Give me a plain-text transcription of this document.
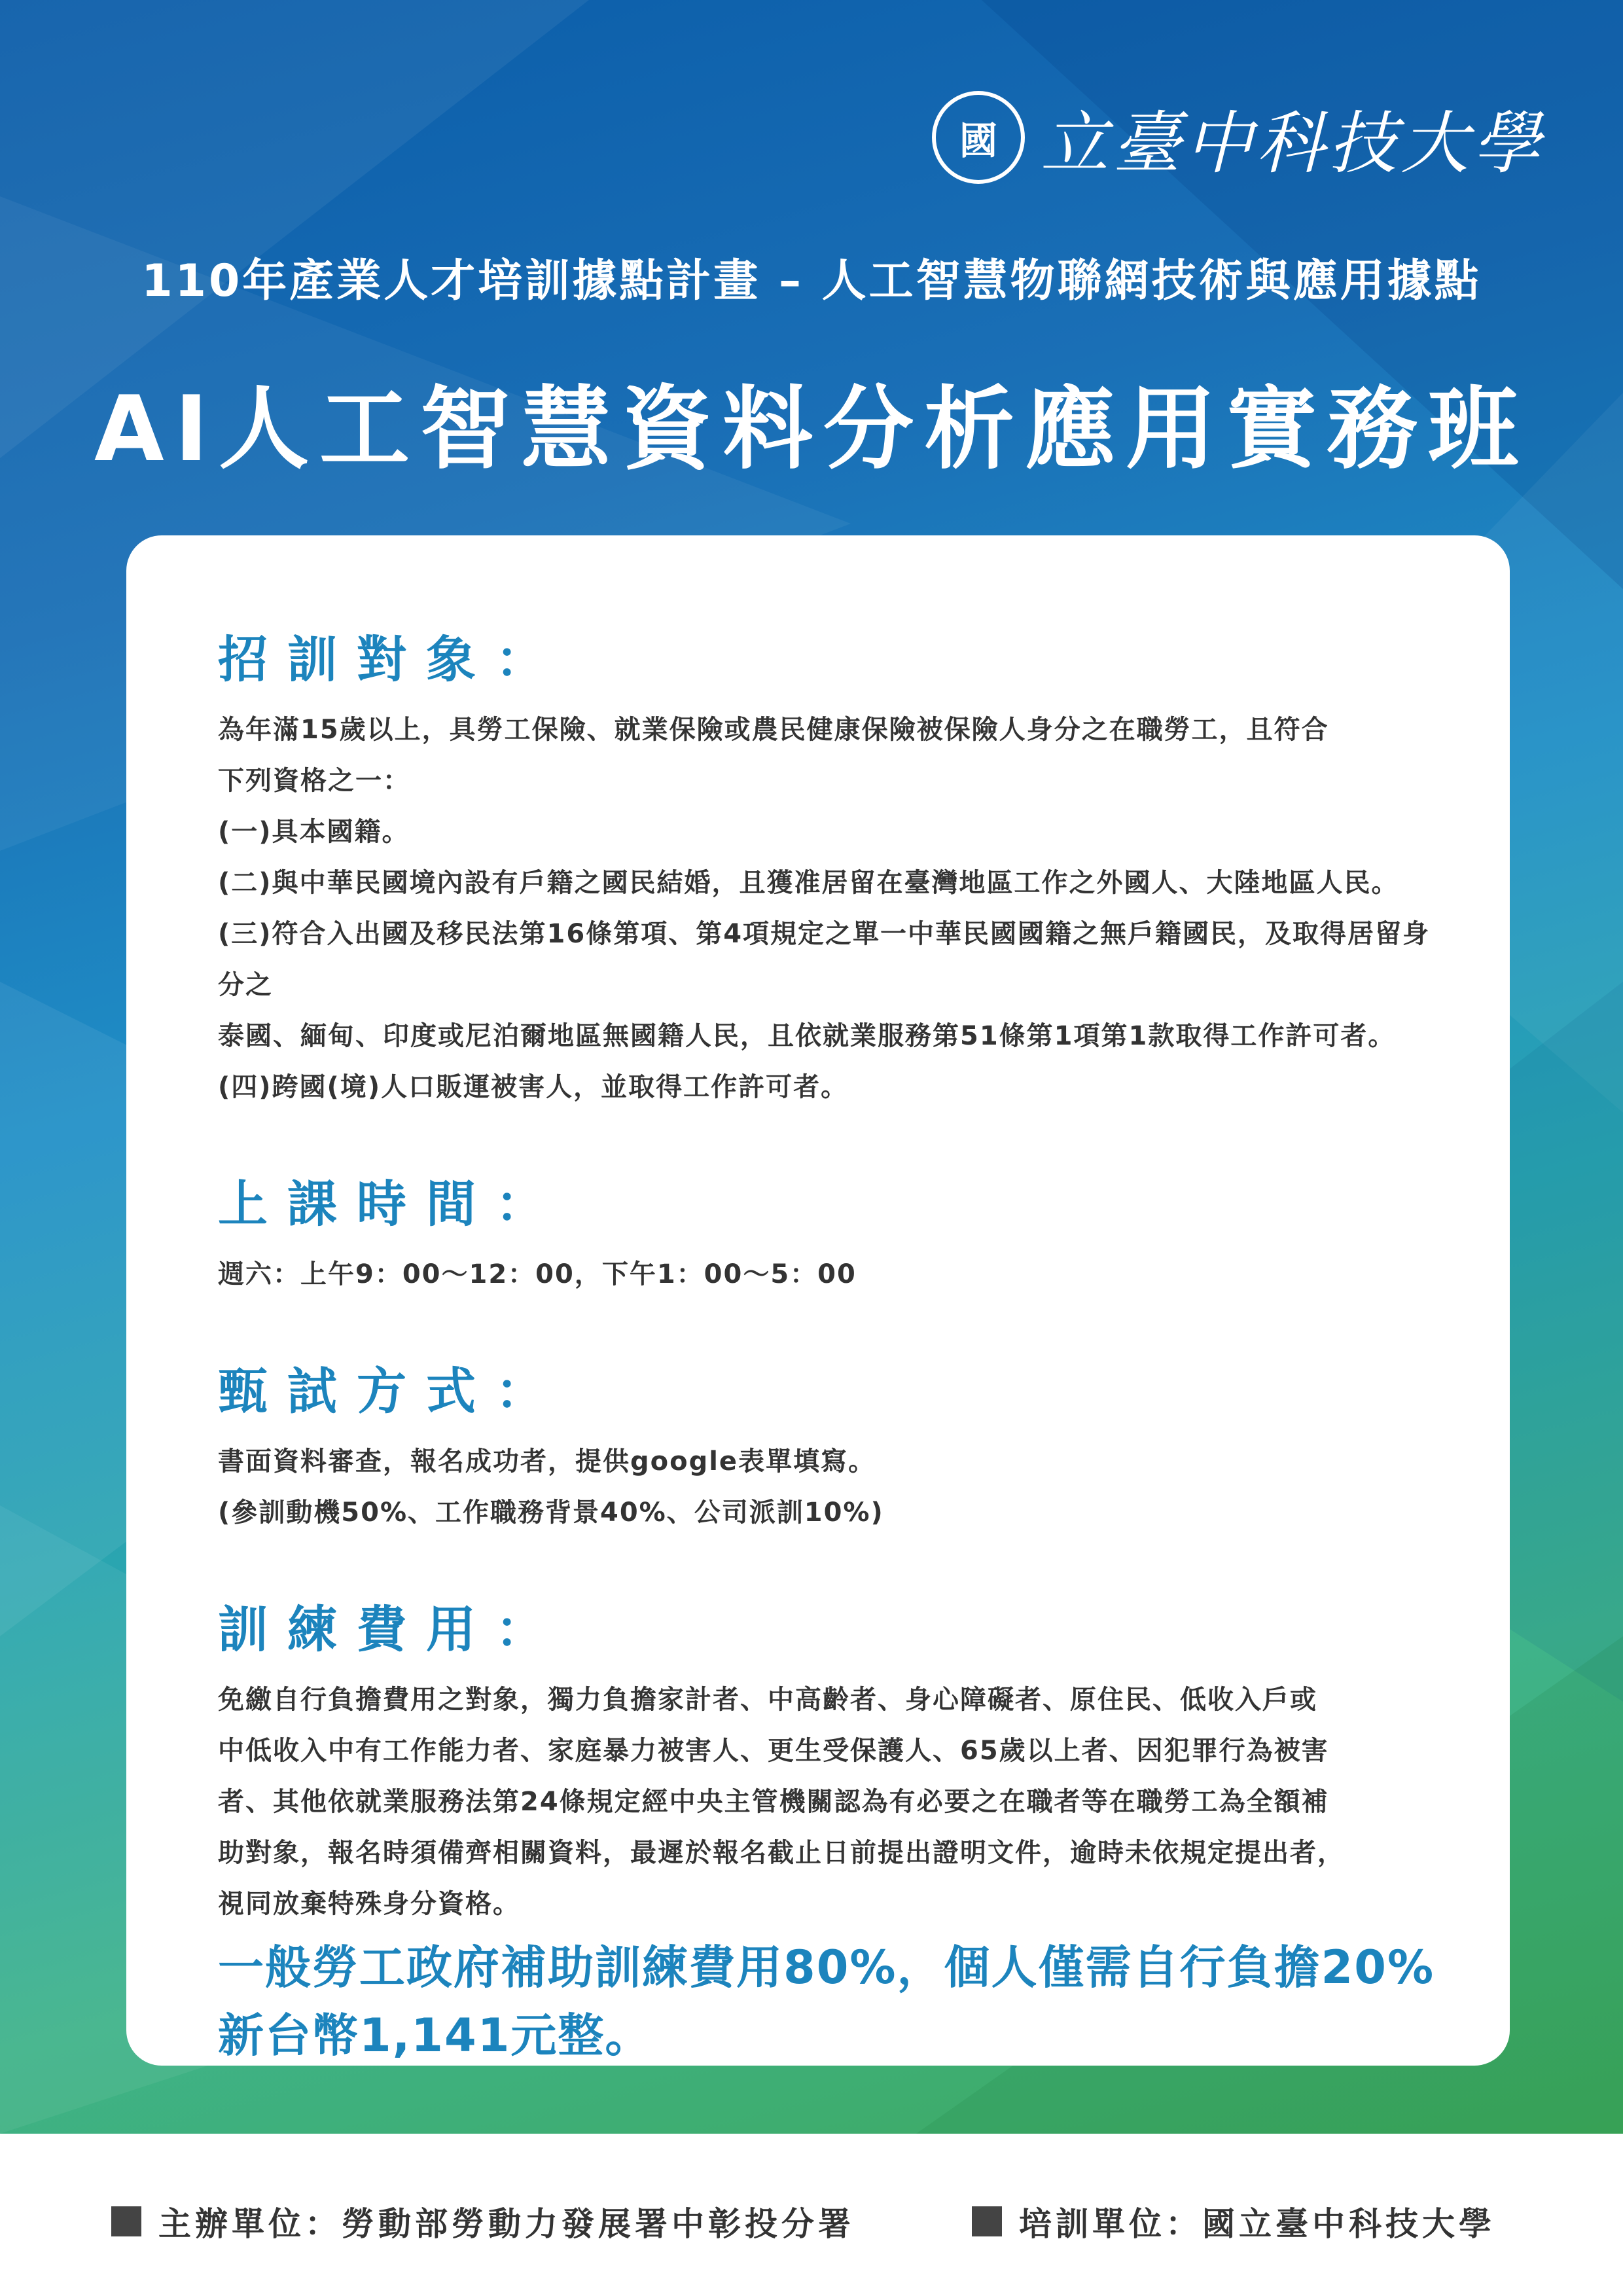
國 立臺中科技大學
110年產業人才培訓據點計畫 – 人工智慧物聯網技術與應用據點
AI人工智慧資料分析應用實務班
招訓對象：

為年滿15歲以上，具勞工保險、就業保險或農民健康保險被保險人身分之在職勞工，且符合

下列資格之一：

(一)具本國籍。

(二)與中華民國境內設有戶籍之國民結婚，且獲准居留在臺灣地區工作之外國人、大陸地區人民。

(三)符合入出國及移民法第16條第項、第4項規定之單一中華民國國籍之無戶籍國民，及取得居留身分之

泰國、緬甸、印度或尼泊爾地區無國籍人民，且依就業服務第51條第1項第1款取得工作許可者。

(四)跨國(境)人口販運被害人，並取得工作許可者。

上課時間：

週六：上午9：00～12：00，下午1：00～5：00

甄試方式：

書面資料審查，報名成功者，提供google表單填寫。

(參訓動機50%、工作職務背景40%、公司派訓10%)

訓練費用：

免繳自行負擔費用之對象，獨力負擔家計者、中高齡者、身心障礙者、原住民、低收入戶或

中低收入中有工作能力者、家庭暴力被害人、更生受保護人、65歲以上者、因犯罪行為被害

者、其他依就業服務法第24條規定經中央主管機關認為有必要之在職者等在職勞工為全額補

助對象，報名時須備齊相關資料，最遲於報名截止日前提出證明文件，逾時未依規定提出者，

視同放棄特殊身分資格。

一般勞工政府補助訓練費用80%，個人僅需自行負擔20%

新台幣1,141元整。

主辦單位：勞動部勞動力發展署中彰投分署	培訓單位：國立臺中科技大學
